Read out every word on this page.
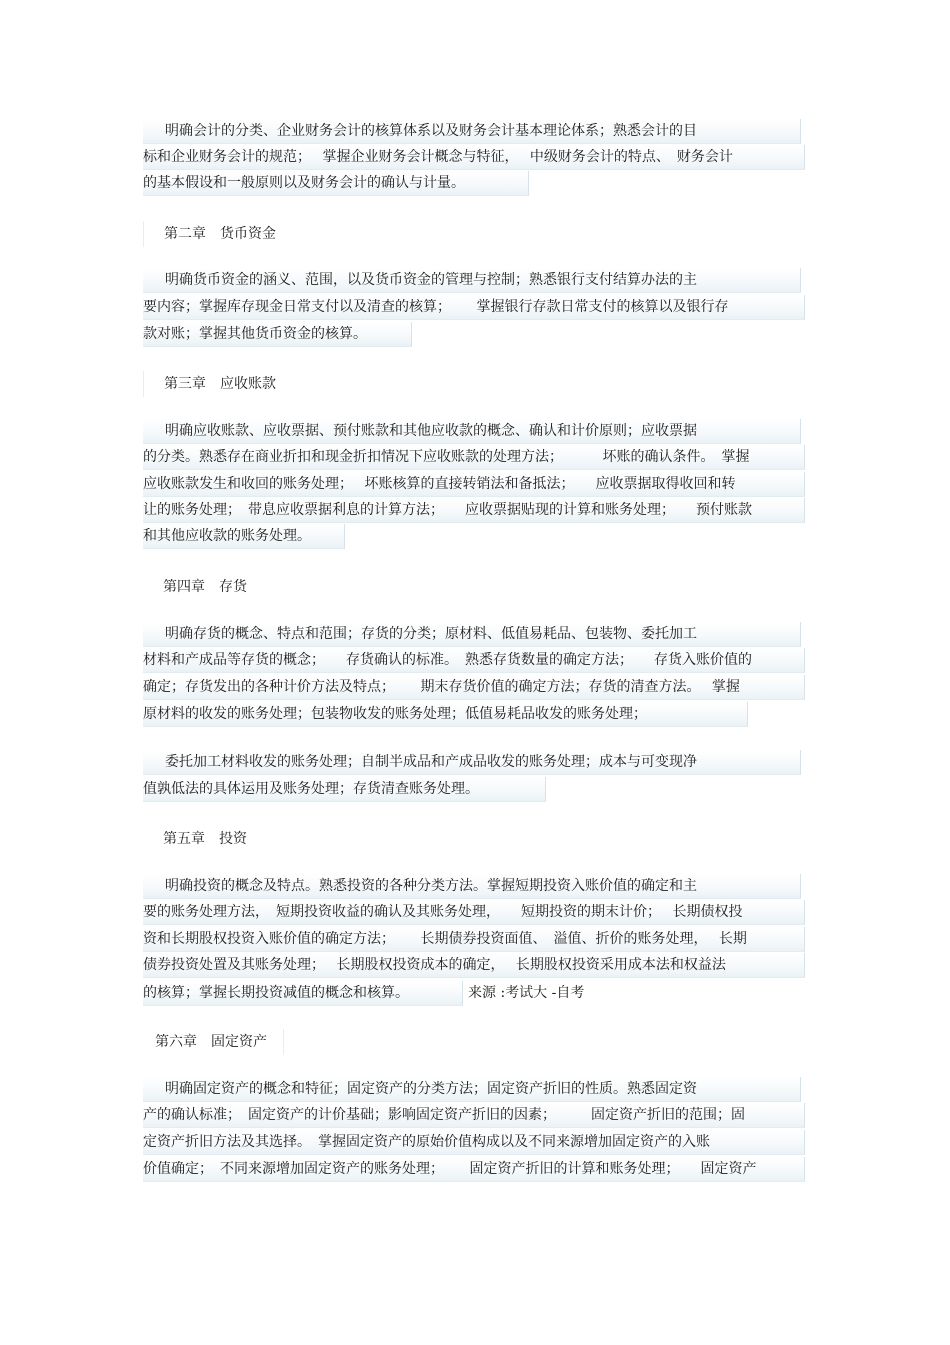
明确会计的分类、企业财务会计的核算体系以及财务会计基本理论体系；熟悉会计的目
标和企业财务会计的规范；　 掌握企业财务会计概念与特征，　 中级财务会计的特点、　财务会计
的基本假设和一般原则以及财务会计的确认与计量。
第二章　货币资金
明确货币资金的涵义、范围，以及货币资金的管理与控制；熟悉银行支付结算办法的主
要内容；掌握库存现金日常支付以及清查的核算；　　 掌握银行存款日常支付的核算以及银行存
款对账；掌握其他货币资金的核算。
第三章　应收账款
明确应收账款、应收票据、预付账款和其他应收款的概念、确认和计价原则；应收票据
的分类。熟悉存在商业折扣和现金折扣情况下应收账款的处理方法；　　　 坏账的确认条件。　掌握
应收账款发生和收回的账务处理；　 坏账核算的直接转销法和备抵法；　　应收票据取得收回和转
让的账务处理；　带息应收票据利息的计算方法；　　应收票据贴现的计算和账务处理；　　预付账款
和其他应收款的账务处理。
第四章　存货
明确存货的概念、特点和范围；存货的分类；原材料、低值易耗品、包装物、委托加工
材料和产成品等存货的概念；　　存货确认的标准。　熟悉存货数量的确定方法；　　存货入账价值的
确定；存货发出的各种计价方法及特点；　　 期末存货价值的确定方法；存货的清查方法。　 掌握
原材料的收发的账务处理；包装物收发的账务处理；低值易耗品收发的账务处理；
委托加工材料收发的账务处理；自制半成品和产成品收发的账务处理；成本与可变现净
值孰低法的具体运用及账务处理；存货清查账务处理。
第五章　投资
明确投资的概念及特点。熟悉投资的各种分类方法。掌握短期投资入账价值的确定和主
要的账务处理方法，　短期投资收益的确认及其账务处理，　　短期投资的期末计价；　 长期债权投
资和长期股权投资入账价值的确定方法；　　 长期债券投资面值、　溢值、折价的账务处理，　 长期
债券投资处置及其账务处理；　 长期股权投资成本的确定，　 长期股权投资采用成本法和权益法
的核算；掌握长期投资减值的概念和核算。	来源 :考试大 -自考
第六章　固定资产
明确固定资产的概念和特征；固定资产的分类方法；固定资产折旧的性质。熟悉固定资
产的确认标准；　固定资产的计价基础；影响固定资产折旧的因素；　　　固定资产折旧的范围；固
定资产折旧方法及其选择。　掌握固定资产的原始价值构成以及不同来源增加固定资产的入账
价值确定；　不同来源增加固定资产的账务处理；　　 固定资产折旧的计算和账务处理；　　固定资产
